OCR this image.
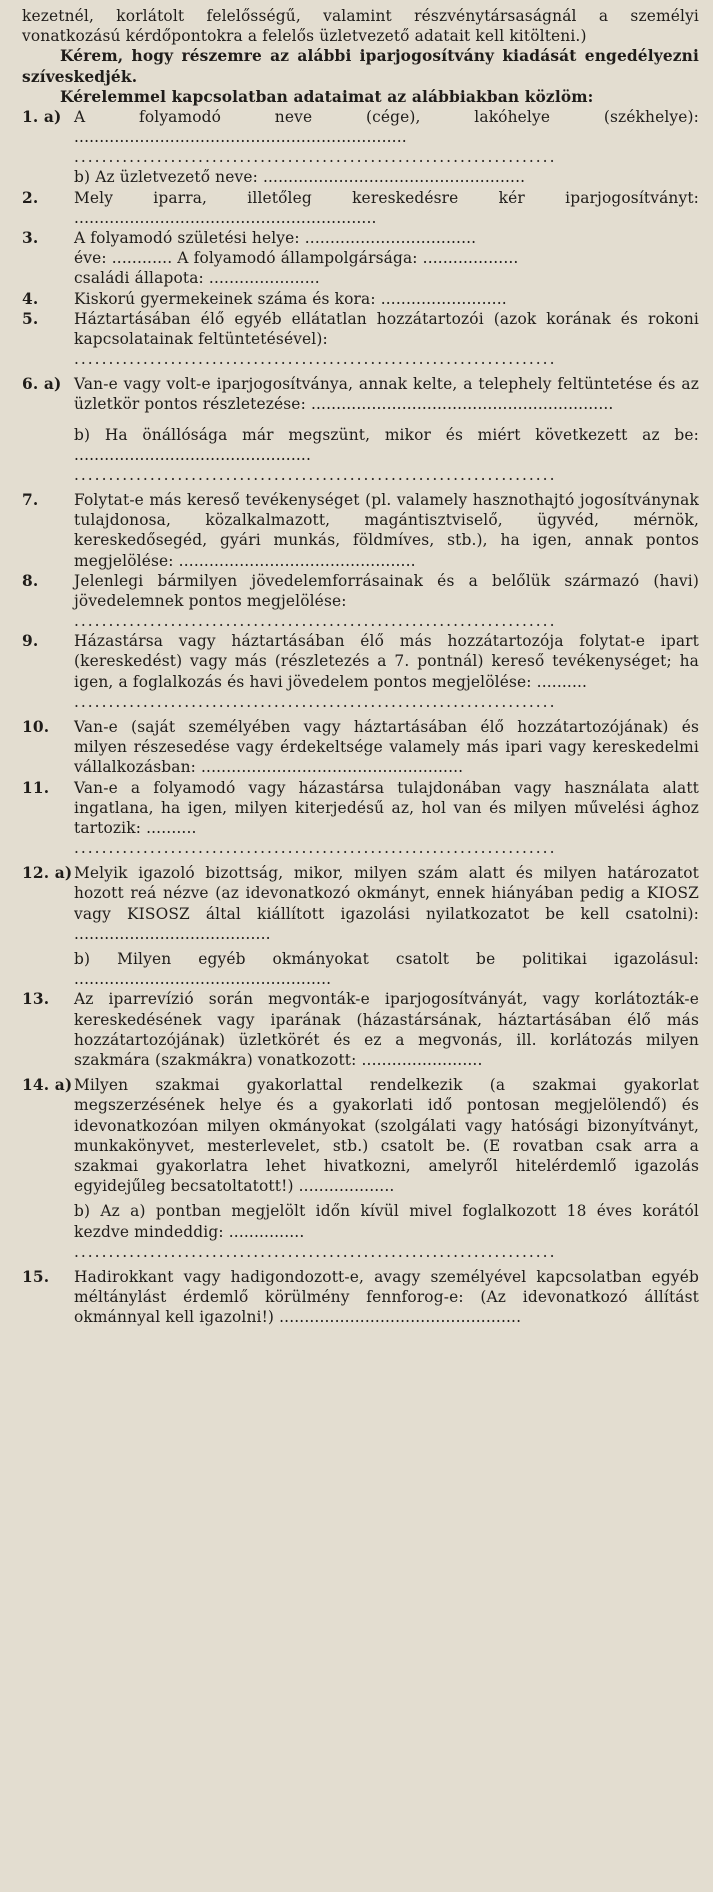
kezetnél, korlátolt felelősségű, valamint részvénytársaságnál a személyi vonatkozású kérdőpontokra a felelős üzletvezető adatait kell kitölteni.)
Kérem, hogy részemre az alábbi iparjogosítvány kiadását engedélyezni szíveskedjék.
Kérelemmel kapcsolatban adataimat az alábbiakban közlöm:
1. a) A folyamodó neve (cége), lakóhelye (székhelye): ..................................................................
......................................................................
b) Az üzletvezető neve: ....................................................
2.	Mely iparra, illetőleg kereskedésre kér iparjogosítványt: ............................................................
3.	A folyamodó születési helye: ..................................
éve: ............ A folyamodó állampolgársága: ...................
családi állapota: ......................
4.	Kiskorú gyermekeinek száma és kora: .........................
5.	Háztartásában élő egyéb ellátatlan hozzátartozói (azok korának és rokoni kapcsolatainak feltüntetésével):
......................................................................
6. a) Van-e vagy volt-e iparjogosítványa, annak kelte, a telephely feltüntetése és az üzletkör pontos részletezése: ............................................................
b) Ha önállósága már megszünt, mikor és miért következett az be: ...............................................
......................................................................
7.	Folytat-e más kereső tevékenységet (pl. valamely hasznothajtó jogosítványnak tulajdonosa, közalkalmazott, magántisztviselő, ügyvéd, mérnök, kereskedősegéd, gyári munkás, földmíves, stb.), ha igen, annak pontos megjelölése: ...............................................
8.	Jelenlegi bármilyen jövedelemforrásainak és a belőlük származó (havi) jövedelemnek pontos megjelölése:
......................................................................
9.	Házastársa vagy háztartásában élő más hozzátartozója folytat-e ipart (kereskedést) vagy más (részletezés a 7. pontnál) kereső tevékenységet; ha igen, a foglalkozás és havi jövedelem pontos megjelölése: ..........
......................................................................
10.	Van-e (saját személyében vagy háztartásában élő hozzátartozójának) és milyen részesedése vagy érdekeltsége valamely más ipari vagy kereskedelmi vállalkozásban: ....................................................
11.	Van-e a folyamodó vagy házastársa tulajdonában vagy használata alatt ingatlana, ha igen, milyen kiterjedésű az, hol van és milyen művelési ághoz tartozik: ..........
......................................................................
12. a) Melyik igazoló bizottság, mikor, milyen szám alatt és milyen határozatot hozott reá nézve (az idevonatkozó okmányt, ennek hiányában pedig a KIOSZ vagy KISOSZ által kiállított igazolási nyilatkozatot be kell csatolni): .......................................
b) Milyen egyéb okmányokat csatolt be politikai igazolásul: ...................................................
13.	Az iparrevízió során megvonták-e iparjogosítványát, vagy korlátozták-e kereskedésének vagy iparának (házastársának, háztartásában élő más hozzátartozójának) üzletkörét és ez a megvonás, ill. korlátozás milyen szakmára (szakmákra) vonatkozott: ........................
14. a) Milyen szakmai gyakorlattal rendelkezik (a szakmai gyakorlat megszerzésének helye és a gyakorlati idő pontosan megjelölendő) és idevonatkozóan milyen okmányokat (szolgálati vagy hatósági bizonyítványt, munkakönyvet, mesterlevelet, stb.) csatolt be. (E rovatban csak arra a szakmai gyakorlatra lehet hivatkozni, amelyről hitelérdemlő igazolás egyidejűleg becsatoltatott!) ...................
b) Az a) pontban megjelölt időn kívül mivel foglalkozott 18 éves korától kezdve mindeddig: ...............
......................................................................
15.	Hadirokkant vagy hadigondozott-e, avagy személyével kapcsolatban egyéb méltánylást érdemlő körülmény fennforog-e: (Az idevonatkozó állítást okmánnyal kell igazolni!) ................................................
